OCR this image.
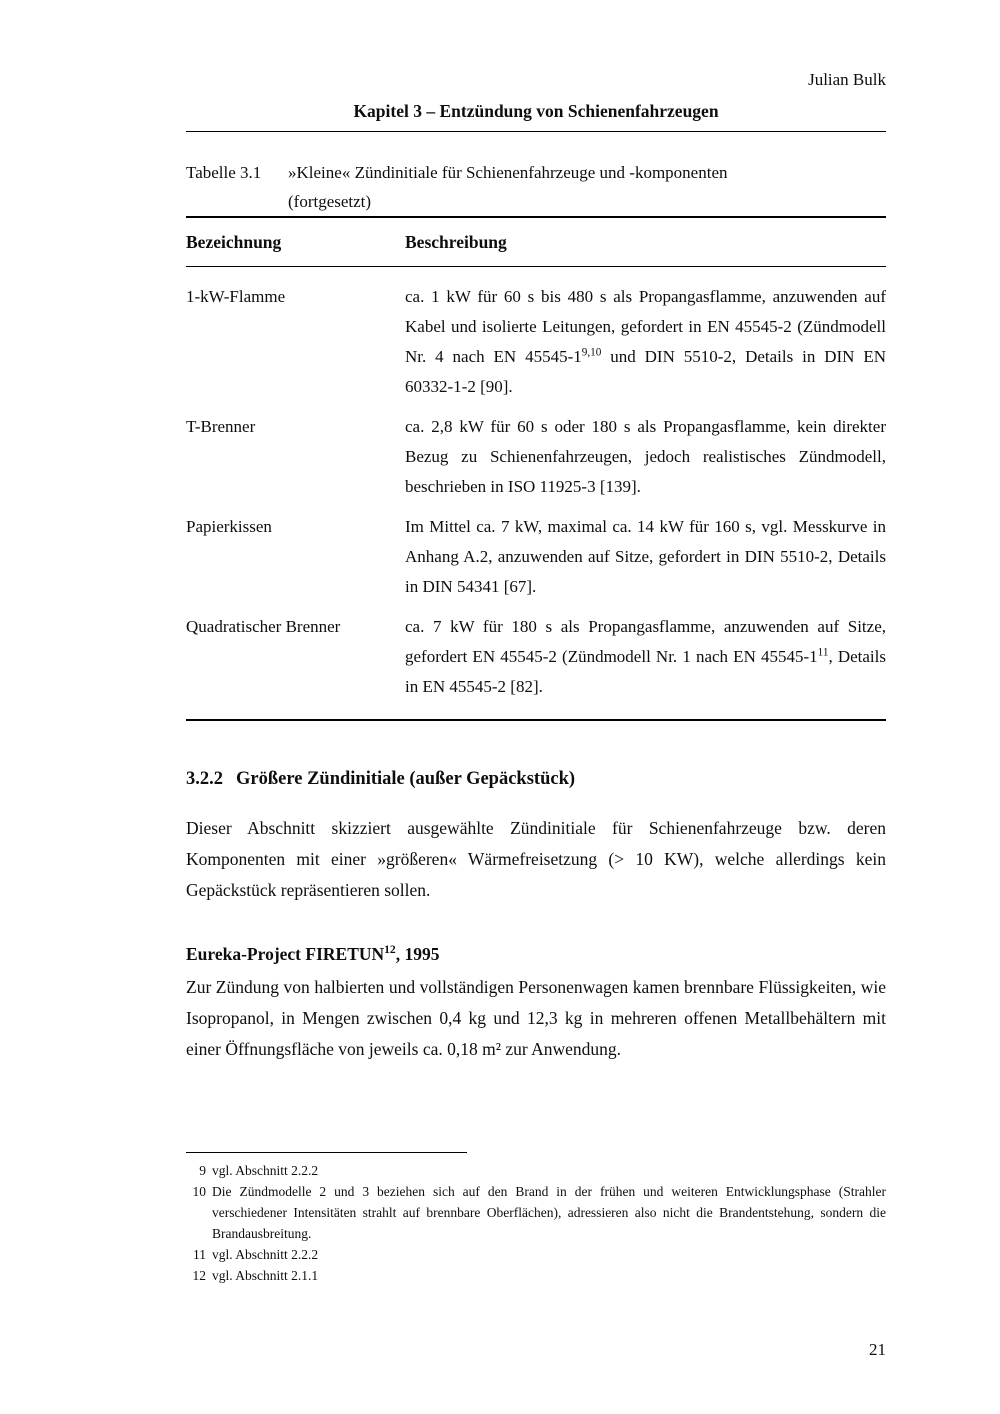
Julian Bulk
Kapitel 3 – Entzündung von Schienenfahrzeugen
Tabelle 3.1	»Kleine« Zündinitiale für Schienenfahrzeuge und -komponenten
(fortgesetzt)
Bezeichnung	Beschreibung
1-kW-Flamme	ca. 1 kW für 60 s bis 480 s als Propangasflamme, anzuwenden auf Kabel und isolierte Leitungen, gefordert in EN 45545-2 (Zündmodell Nr. 4 nach EN 45545-1$^{9,10}$ und DIN 5510-2, Details in DIN EN 60332-1-2 [90].
T-Brenner	ca. 2,8 kW für 60 s oder 180 s als Propangasflamme, kein direkter Bezug zu Schienenfahrzeugen, jedoch realistisches Zündmodell, beschrieben in ISO 11925-3 [139].
Papierkissen	Im Mittel ca. 7 kW, maximal ca. 14 kW für 160 s, vgl. Messkurve in Anhang A.2, anzuwenden auf Sitze, gefordert in DIN 5510-2, Details in DIN 54341 [67].
Quadratischer Brenner	ca. 7 kW für 180 s als Propangasflamme, anzuwenden auf Sitze, gefordert EN 45545-2 (Zündmodell Nr. 1 nach EN $45545-1^{11}$, Details in EN 45545-2 [82].
3.2.2 Größere Zündinitiale (außer Gepäckstück)

Dieser Abschnitt skizziert ausgewählte Zündinitiale für Schienenfahrzeuge bzw. deren Komponenten mit einer »größeren« Wärmefreisetzung (> 10 KW), welche allerdings kein Gepäckstück repräsentieren sollen.

Eureka-Project FIRETUN$^{12}$, 1995

Zur Zündung von halbierten und vollständigen Personenwagen kamen brennbare Flüssigkeiten, wie Isopropanol, in Mengen zwischen 0,4 kg und 12,3 kg in mehreren offenen Metallbehältern mit einer Öffnungsfläche von jeweils ca. 0,18 m² zur Anwendung.

9 vgl. Abschnitt 2.2.2
10 Die Zündmodelle 2 und 3 beziehen sich auf den Brand in der frühen und weiteren Entwicklungsphase (Strahler verschiedener Intensitäten strahlt auf brennbare Oberflächen), adressieren also nicht die Brandentstehung, sondern die Brandausbreitung.
11 vgl. Abschnitt 2.2.2
12 vgl. Abschnitt 2.1.1
21
